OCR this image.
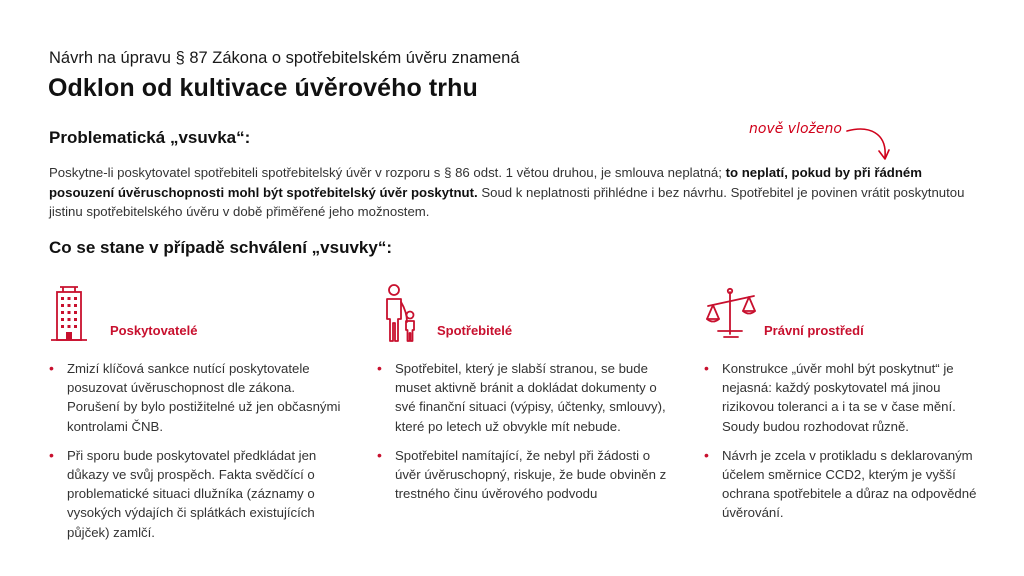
Návrh na úpravu § 87 Zákona o spotřebitelském úvěru znamená
Odklon od kultivace úvěrového trhu
Problematická „vsuvka“:	nově vloženo

Poskytne-li poskytovatel spotřebiteli spotřebitelský úvěr v rozporu s § 86 odst. 1 větou druhou, je smlouva neplatná; to neplatí, pokud by při řádném posouzení úvěruschopnosti mohl být spotřebitelský úvěr poskytnut. Soud k neplatnosti přihlédne i bez návrhu. Spotřebitel je povinen vrátit poskytnutou jistinu spotřebitelského úvěru v době přiměřené jeho možnostem.

Co se stane v případě schválení „vsuvky“:
Poskytovatelé
• Zmizí klíčová sankce nutící poskytovatele posuzovat úvěruschopnost dle zákona. Porušení by bylo postižitelné už jen občasnými kontrolami ČNB.
• Při sporu bude poskytovatel předkládat jen důkazy ve svůj prospěch. Fakta svědčící o problematické situaci dlužníka (záznamy o vysokých výdajích či splátkách existujících půjček) zamlčí.
Spotřebitelé
• Spotřebitel, který je slabší stranou, se bude muset aktivně bránit a dokládat dokumenty o své finanční situaci (výpisy, účtenky, smlouvy), které po letech už obvykle mít nebude.
• Spotřebitel namítající, že nebyl při žádosti o úvěr úvěruschopný, riskuje, že bude obviněn z trestného činu úvěrového podvodu
Právní prostředí
• Konstrukce „úvěr mohl být poskytnut“ je nejasná: každý poskytovatel má jinou rizikovou toleranci a i ta se v čase mění. Soudy budou rozhodovat různě.
• Návrh je zcela v protikladu s deklarovaným účelem směrnice CCD2, kterým je vyšší ochrana spotřebitele a důraz na odpovědné úvěrování.
